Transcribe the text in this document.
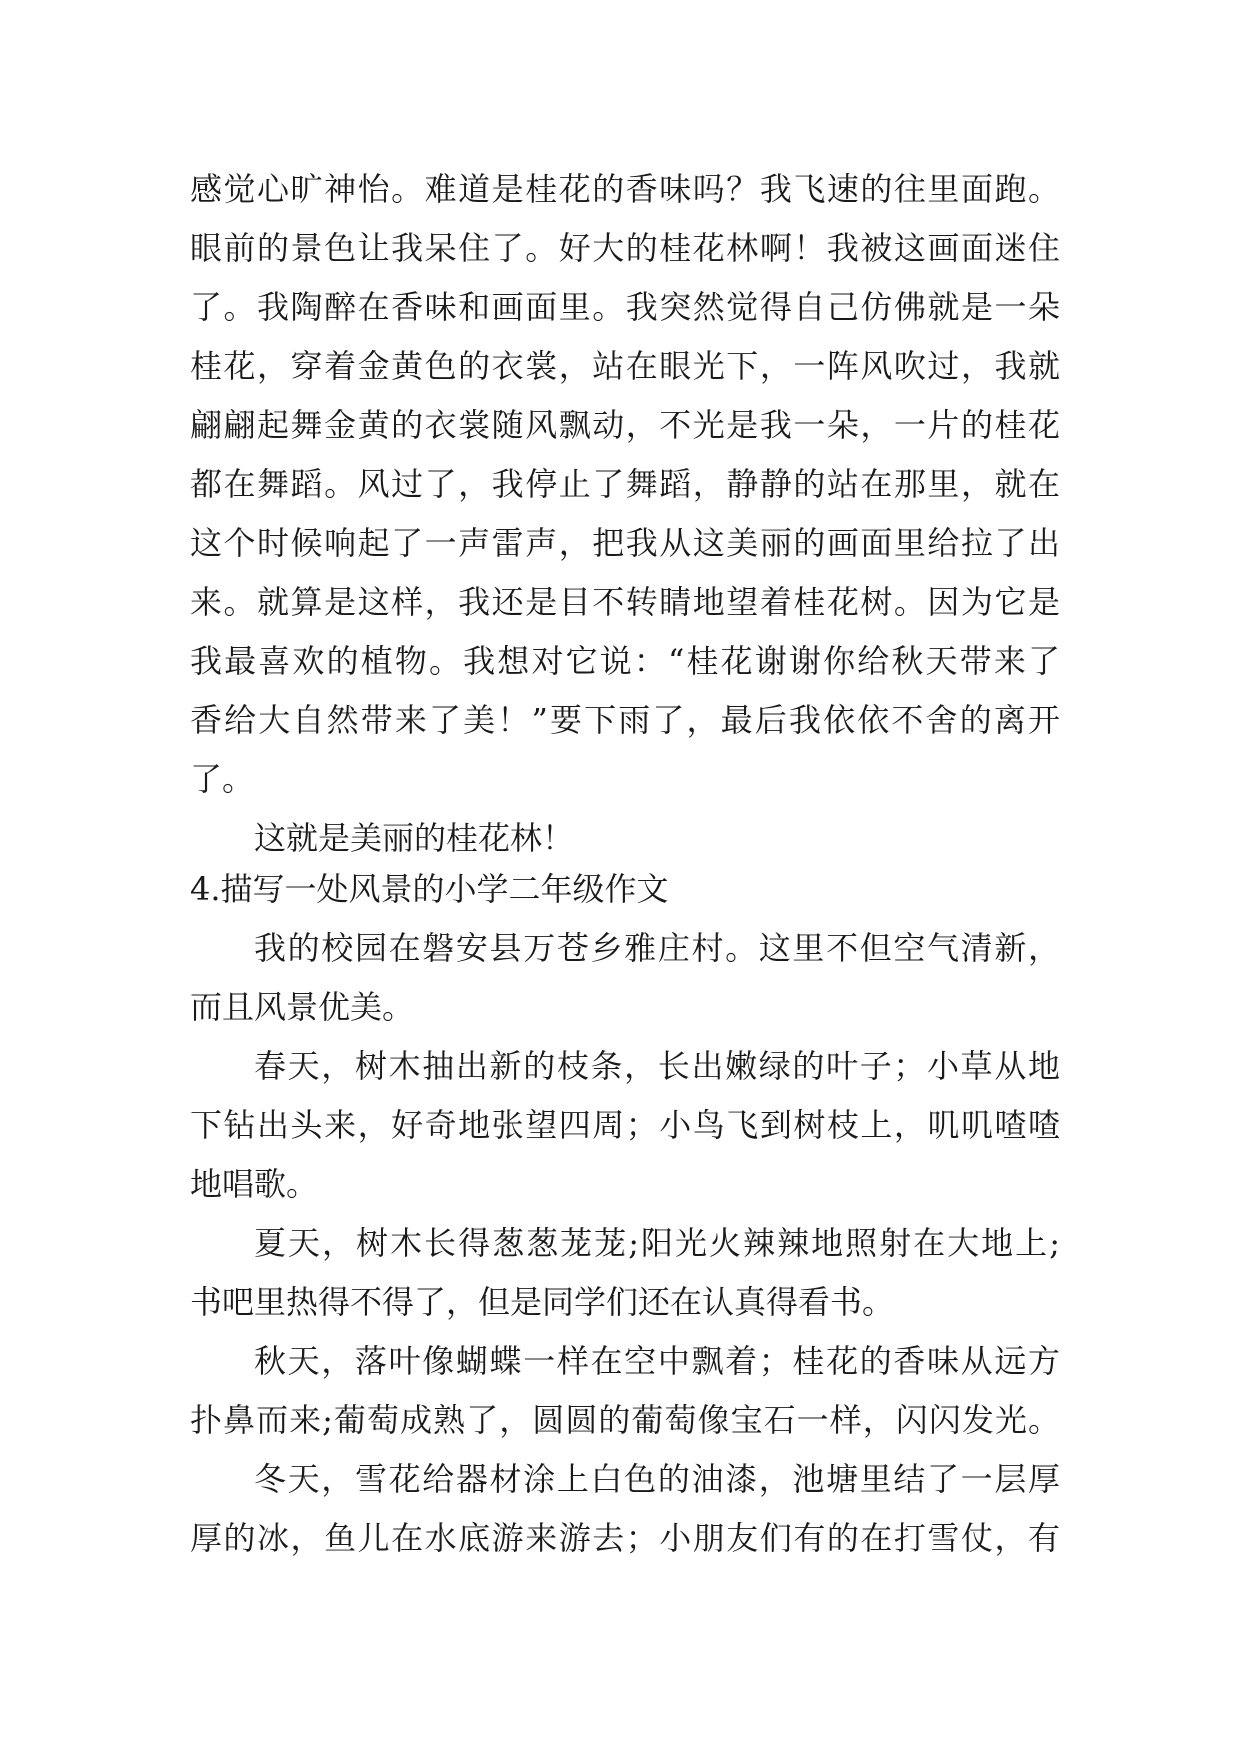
感觉心旷神怡。难道是桂花的香味吗？我飞速的往里面跑。
眼前的景色让我呆住了。好大的桂花林啊！我被这画面迷住
了。我陶醉在香味和画面里。我突然觉得自己仿佛就是一朵
桂花，穿着金黄色的衣裳，站在眼光下，一阵风吹过，我就
翩翩起舞金黄的衣裳随风飘动，不光是我一朵，一片的桂花
都在舞蹈。风过了，我停止了舞蹈，静静的站在那里，就在
这个时候响起了一声雷声，把我从这美丽的画面里给拉了出
来。就算是这样，我还是目不转睛地望着桂花树。因为它是
我最喜欢的植物。我想对它说：“桂花谢谢你给秋天带来了
香给大自然带来了美！”要下雨了，最后我依依不舍的离开
了。
这就是美丽的桂花林！
4.描写一处风景的小学二年级作文
我的校园在磐安县万苍乡雅庄村。这里不但空气清新，
而且风景优美。
春天，树木抽出新的枝条，长出嫩绿的叶子；小草从地
下钻出头来，好奇地张望四周；小鸟飞到树枝上，叽叽喳喳
地唱歌。
夏天，树木长得葱葱茏茏;阳光火辣辣地照射在大地上;
书吧里热得不得了，但是同学们还在认真得看书。
秋天，落叶像蝴蝶一样在空中飘着；桂花的香味从远方
扑鼻而来;葡萄成熟了，圆圆的葡萄像宝石一样，闪闪发光。
冬天，雪花给器材涂上白色的油漆，池塘里结了一层厚
厚的冰，鱼儿在水底游来游去；小朋友们有的在打雪仗，有
